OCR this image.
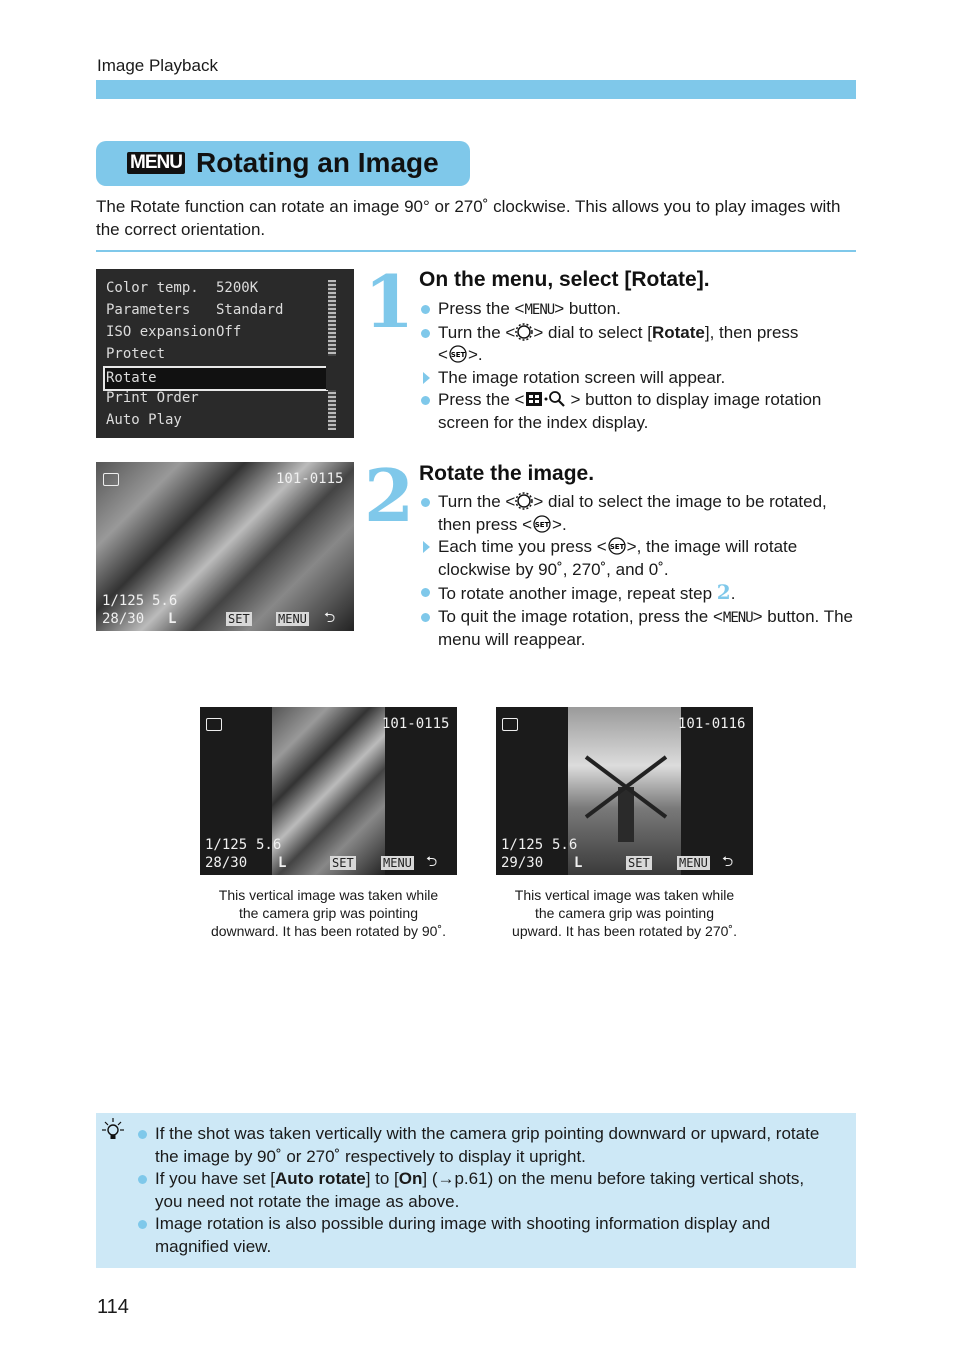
Image Playback
MENU Rotating an Image
The Rotate function can rotate an image 90° or 270˚ clockwise. This allows you to play images with the correct orientation.
Color temp. 5200K
Parameters Standard
ISO expansion Off
Protect
Rotate
Print Order
Auto Play
101-0115
1/125 5.6
28/30 L	SET MENU ⮌
1 On the menu, select [Rotate].
Press the <MENU> button.
Turn the < > dial to select [Rotate], then press
< SET >.
The image rotation screen will appear.
Press the <	> button to display image rotation screen for the index display.
2 Rotate the image.
Turn the < > dial to select the image to be rotated, then press < SET >.
Each time you press < SET >, the image will rotate clockwise by 90˚, 270˚, and 0˚.
To rotate another image, repeat step 2.
To quit the image rotation, press the <MENU> button. The menu will reappear.
101-0115
1/125 5.6
28/30 L	SET MENU ⮌
This vertical image was taken while
the camera grip was pointing
downward. It has been rotated by 90˚.
101-0116
1/125 5.6
29/30 L	SET MENU ⮌
This vertical image was taken while
the camera grip was pointing
upward. It has been rotated by 270˚.
If the shot was taken vertically with the camera grip pointing downward or upward, rotate the image by 90˚ or 270˚ respectively to display it upright.
If you have set [Auto rotate] to [On] (→p.61) on the menu before taking vertical shots, you need not rotate the image as above.
Image rotation is also possible during image with shooting information display and magnified view.
114
